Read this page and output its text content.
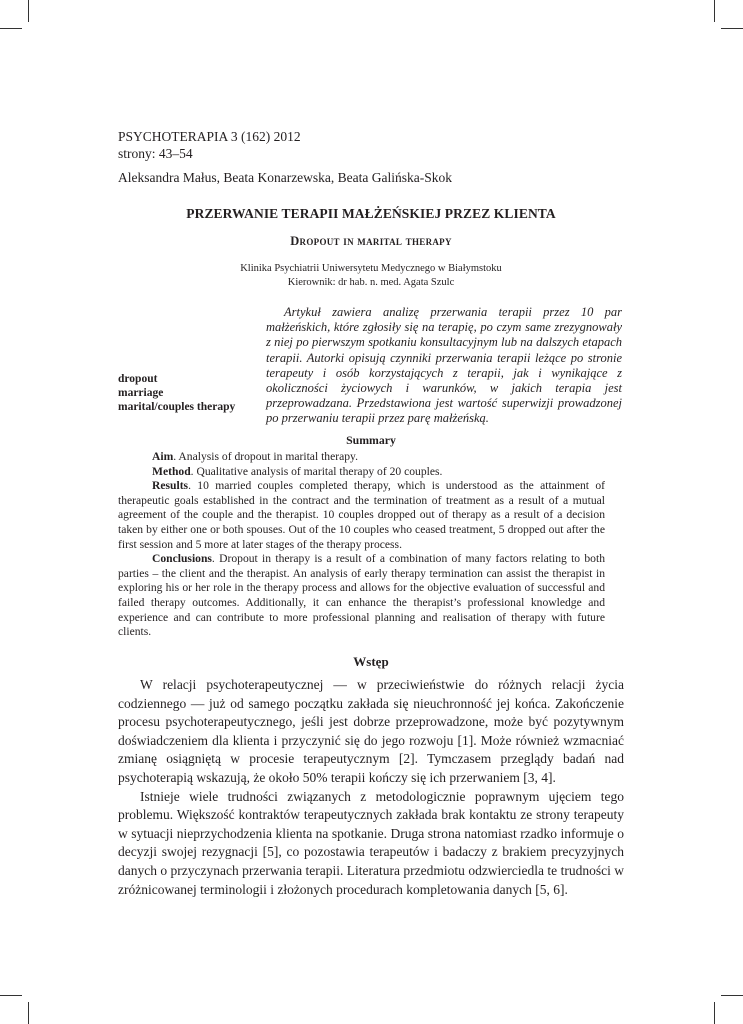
PSYCHOTERAPIA 3 (162) 2012
strony: 43–54
Aleksandra Małus, Beata Konarzewska, Beata Galińska-Skok
PRZERWANIE TERAPII MAŁŻEŃSKIEJ PRZEZ KLIENTA
Dropout in marital therapy
Klinika Psychiatrii Uniwersytetu Medycznego w Białymstoku
Kierownik: dr hab. n. med. Agata Szulc
Artykuł zawiera analizę przerwania terapii przez 10 par małżeńskich, które zgłosiły się na terapię, po czym same zrezygnowały z niej po pierwszym spotkaniu konsultacyjnym lub na dalszych etapach terapii. Autorki opisują czynniki przerwania terapii leżące po stronie terapeuty i osób korzystających z terapii, jak i wynikające z okoliczności życiowych i warunków, w jakich terapia jest przeprowadzana. Przedstawiona jest wartość superwizji prowadzonej po przerwaniu terapii przez parę małżeńską.
dropout
marriage
marital/couples therapy
Summary

Aim. Analysis of dropout in marital therapy.

Method. Qualitative analysis of marital therapy of 20 couples.

Results. 10 married couples completed therapy, which is understood as the attainment of therapeutic goals established in the contract and the termination of treatment as a result of a mutual agreement of the couple and the therapist. 10 couples dropped out of therapy as a result of a decision taken by either one or both spouses. Out of the 10 couples who ceased treatment, 5 dropped out after the first session and 5 more at later stages of the therapy process.

Conclusions. Dropout in therapy is a result of a combination of many factors relating to both parties – the client and the therapist. An analysis of early therapy termination can assist the therapist in exploring his or her role in the therapy process and allows for the objective evaluation of successful and failed therapy outcomes. Additionally, it can enhance the therapist’s professional knowledge and experience and can contribute to more professional planning and realisation of therapy with future clients.

Wstęp

W relacji psychoterapeutycznej — w przeciwieństwie do różnych relacji życia codziennego — już od samego początku zakłada się nieuchronność jej końca. Zakończenie procesu psychoterapeutycznego, jeśli jest dobrze przeprowadzone, może być pozytywnym doświadczeniem dla klienta i przyczynić się do jego rozwoju [1]. Może również wzmacniać zmianę osiągniętą w procesie terapeutycznym [2]. Tymczasem przeglądy badań nad psychoterapią wskazują, że około 50% terapii kończy się ich przerwaniem [3, 4].

Istnieje wiele trudności związanych z metodologicznie poprawnym ujęciem tego problemu. Większość kontraktów terapeutycznych zakłada brak kontaktu ze strony terapeuty w sytuacji nieprzychodzenia klienta na spotkanie. Druga strona natomiast rzadko informuje o decyzji swojej rezygnacji [5], co pozostawia terapeutów i badaczy z brakiem precyzyjnych danych o przyczynach przerwania terapii. Literatura przedmiotu odzwierciedla te trudności w zróżnicowanej terminologii i złożonych procedurach kompletowania danych [5, 6].
